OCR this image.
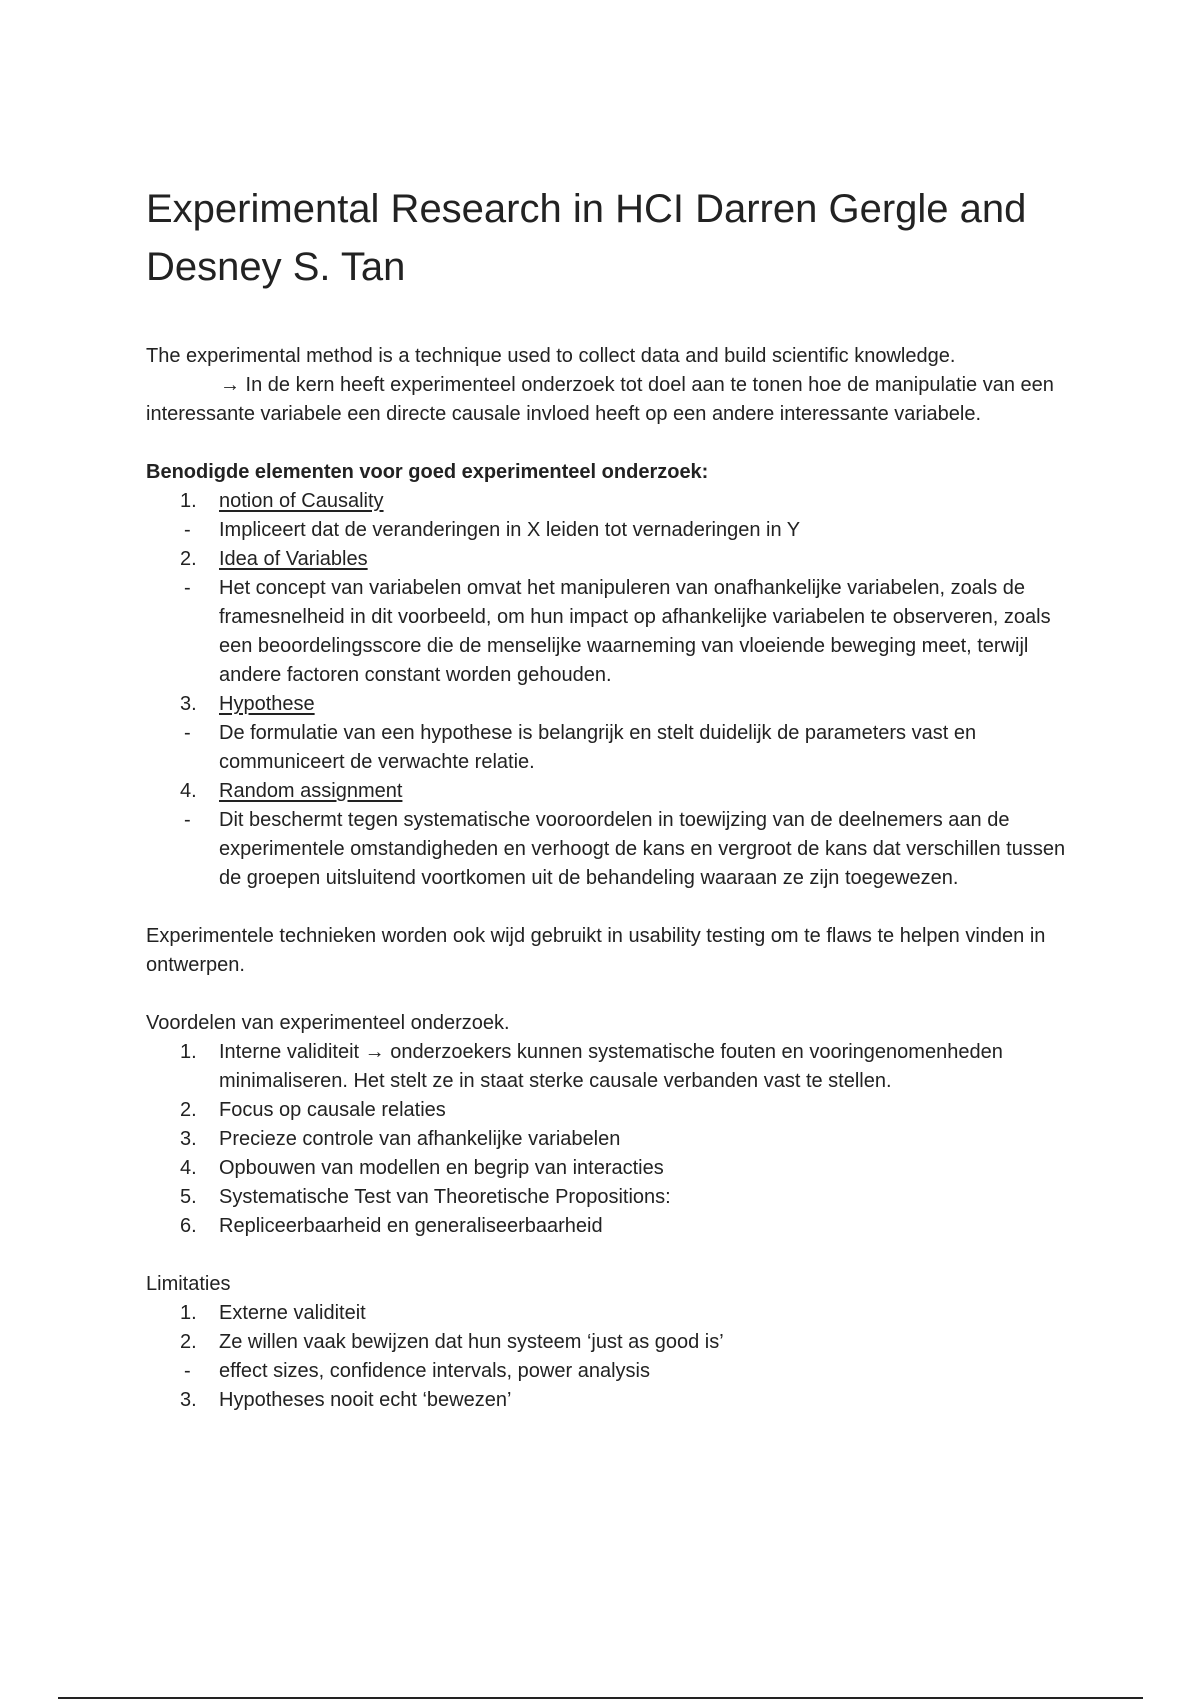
Experimental Research in HCI Darren Gergle and Desney S. Tan

The experimental method is a technique used to collect data and build scientific knowledge.

→ In de kern heeft experimenteel onderzoek tot doel aan te tonen hoe de manipulatie van een interessante variabele een directe causale invloed heeft op een andere interessante variabele.

Benodigde elementen voor goed experimenteel onderzoek:

1. notion of Causality
- Impliceert dat de veranderingen in X leiden tot vernaderingen in Y
2. Idea of Variables
- Het concept van variabelen omvat het manipuleren van onafhankelijke variabelen, zoals de framesnelheid in dit voorbeeld, om hun impact op afhankelijke variabelen te observeren, zoals een beoordelingsscore die de menselijke waarneming van vloeiende beweging meet, terwijl andere factoren constant worden gehouden.
3. Hypothese
- De formulatie van een hypothese is belangrijk en stelt duidelijk de parameters vast en communiceert de verwachte relatie.
4. Random assignment
- Dit beschermt tegen systematische vooroordelen in toewijzing van de deelnemers aan de experimentele omstandigheden en verhoogt de kans en vergroot de kans dat verschillen tussen de groepen uitsluitend voortkomen uit de behandeling waaraan ze zijn toegewezen.

Experimentele technieken worden ook wijd gebruikt in usability testing om te flaws te helpen vinden in ontwerpen.

Voordelen van experimenteel onderzoek.

1. Interne validiteit → onderzoekers kunnen systematische fouten en vooringenomenheden minimaliseren. Het stelt ze in staat sterke causale verbanden vast te stellen.
2. Focus op causale relaties
3. Precieze controle van afhankelijke variabelen
4. Opbouwen van modellen en begrip van interacties
5. Systematische Test van Theoretische Propositions:
6. Repliceerbaarheid en generaliseerbaarheid

Limitaties

1. Externe validiteit
2. Ze willen vaak bewijzen dat hun systeem ‘just as good is’
- effect sizes, confidence intervals, power analysis
3. Hypotheses nooit echt ‘bewezen’
